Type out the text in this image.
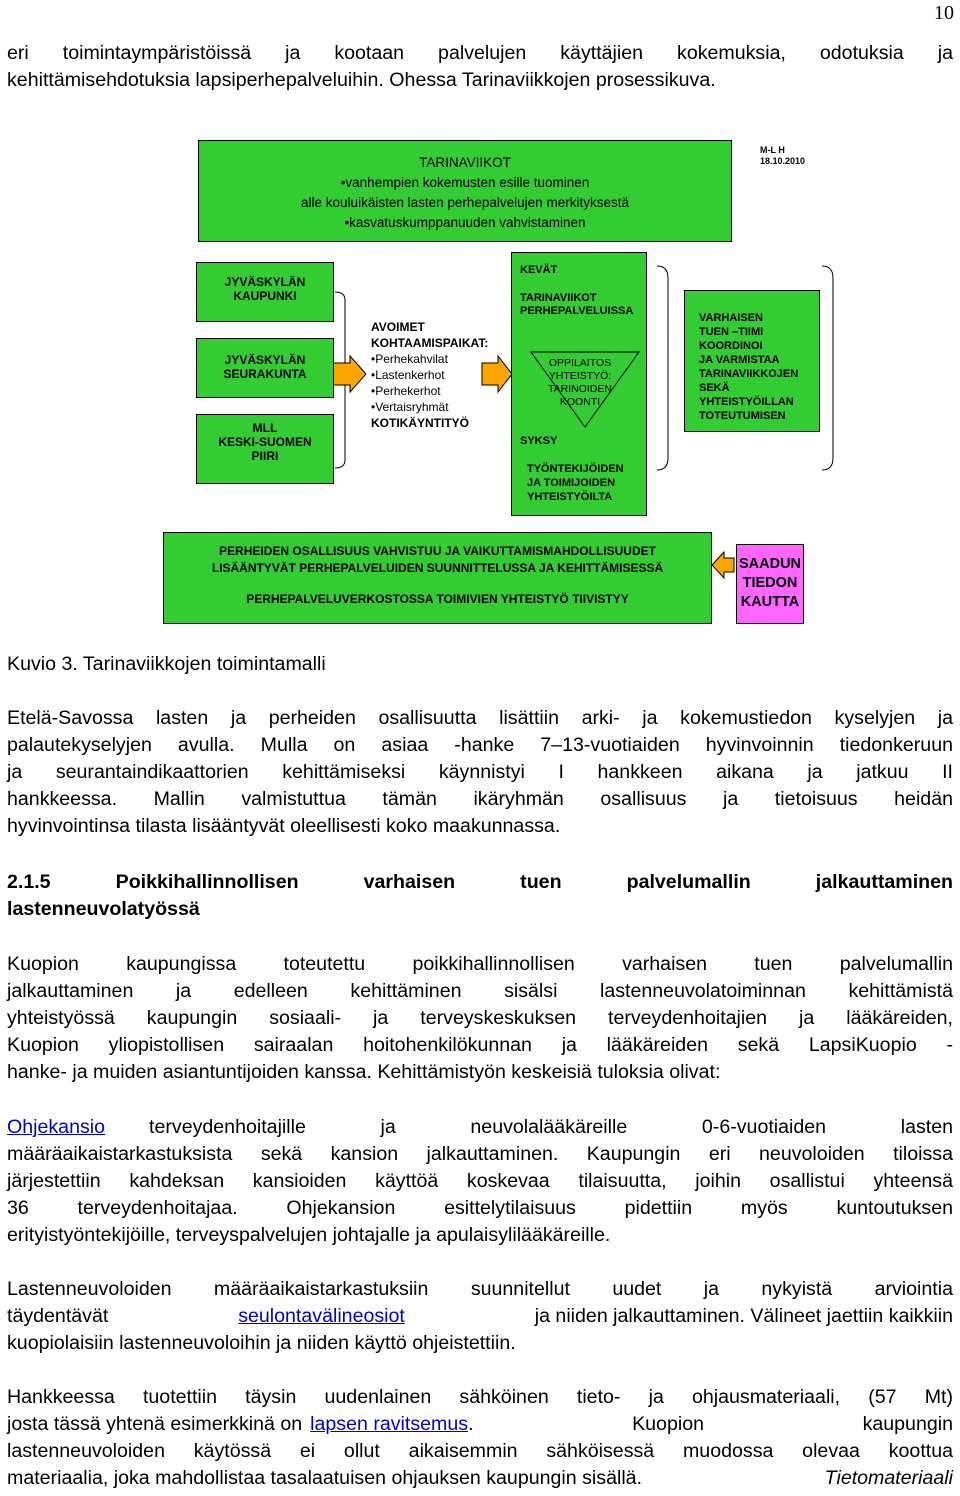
10
eri toimintaympäristöissä ja kootaan palvelujen käyttäjien kokemuksia, odotuksia ja
kehittämisehdotuksia lapsiperhepalveluihin. Ohessa Tarinaviikkojen prosessikuva.
TARINAVIIKOT
•vanhempien kokemusten esille tuominen
alle kouluikäisten lasten perhepalvelujen merkityksestä
•kasvatuskumppanuuden vahvistaminen
M-L H
18.10.2010
JYVÄSKYLÄN
KAUPUNKI
JYVÄSKYLÄN
SEURAKUNTA
MLL
KESKI-SUOMEN
PIIRI
AVOIMET
KOHTAAMISPAIKAT:
•Perhekahvilat
•Lastenkerhot
•Perhekerhot
•Vertaisryhmät
KOTIKÄYNTITYÖ
KEVÄT
TARINAVIIKOT
PERHEPALVELUISSA
OPPILAITOS
YHTEISTYÖ:
TARINOIDEN
KOONTI
SYKSY
TYÖNTEKIJÖIDEN
JA TOIMIJOIDEN
YHTEISTYÖILTA
VARHAISEN
TUEN –TIIMI
KOORDINOI
JA VARMISTAA
TARINAVIIKKOJEN
SEKÄ
YHTEISTYÖILLAN
TOTEUTUMISEN
PERHEIDEN OSALLISUUS VAHVISTUU JA VAIKUTTAMISMAHDOLLISUUDET
LISÄÄNTYVÄT PERHEPALVELUIDEN SUUNNITTELUSSA JA KEHITTÄMISESSÄ
PERHEPALVELUVERKOSTOSSA TOIMIVIEN YHTEISTYÖ TIIVISTYY
SAADUN
TIEDON
KAUTTA
Kuvio 3. Tarinaviikkojen toimintamalli
Etelä-Savossa lasten ja perheiden osallisuutta lisättiin arki- ja kokemustiedon kyselyjen ja
palautekyselyjen avulla. Mulla on asiaa -hanke 7–13-vuotiaiden hyvinvoinnin tiedonkeruun
ja seurantaindikaattorien kehittämiseksi käynnistyi I hankkeen aikana ja jatkuu II
hankkeessa. Mallin valmistuttua tämän ikäryhmän osallisuus ja tietoisuus heidän
hyvinvointinsa tilasta lisääntyvät oleellisesti koko maakunnassa.
2.1.5 Poikkihallinnollisen varhaisen tuen palvelumallin jalkauttaminen
lastenneuvolatyössä
Kuopion kaupungissa toteutettu poikkihallinnollisen varhaisen tuen palvelumallin
jalkauttaminen ja edelleen kehittäminen sisälsi lastenneuvolatoiminnan kehittämistä
yhteistyössä kaupungin sosiaali- ja terveyskeskuksen terveydenhoitajien ja lääkäreiden,
Kuopion yliopistollisen sairaalan hoitohenkilökunnan ja lääkäreiden sekä LapsiKuopio -
hanke- ja muiden asiantuntijoiden kanssa. Kehittämistyön keskeisiä tuloksia olivat:
Ohjekansio	terveydenhoitajille ja neuvolalääkäreille 0-6-vuotiaiden lasten
määräaikaistarkastuksista sekä kansion jalkauttaminen. Kaupungin eri neuvoloiden tiloissa
järjestettiin kahdeksan kansioiden käyttöä koskevaa tilaisuutta, joihin osallistui yhteensä
36 terveydenhoitajaa. Ohjekansion esittelytilaisuus pidettiin myös kuntoutuksen
erityistyöntekijöille, terveyspalvelujen johtajalle ja apulaisylilääkäreille.
Lastenneuvoloiden määräaikaistarkastuksiin suunnitellut uudet ja nykyistä arviointia
täydentävät	seulontavälineosiot	ja niiden jalkauttaminen. Välineet jaettiin kaikkiin
kuopiolaisiin lastenneuvoloihin ja niiden käyttö ohjeistettiin.
Hankkeessa tuotettiin täysin uudenlainen sähköinen tieto- ja ohjausmateriaali, (57 Mt)
josta tässä yhtenä esimerkkinä on lapsen ravitsemus . Kuopion kaupungin
lastenneuvoloiden käytössä ei ollut aikaisemmin sähköisessä muodossa olevaa koottua
materiaalia, joka mahdollistaa tasalaatuisen ohjauksen kaupungin sisällä.	Tietomateriaali
